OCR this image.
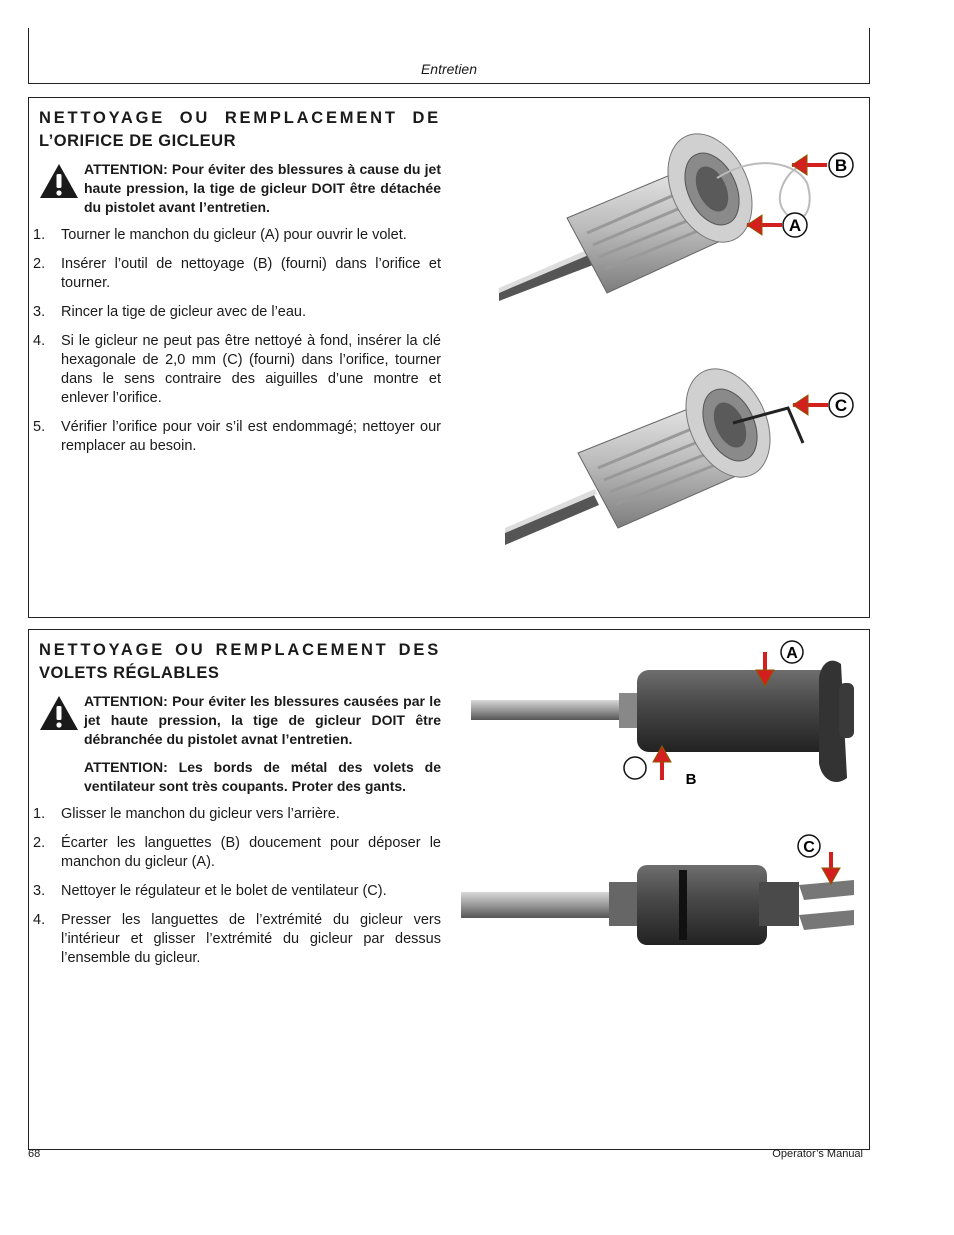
Entretien
NETTOYAGE OU REMPLACEMENT DE
L’ORIFICE DE GICLEUR

ATTENTION: Pour éviter des blessures à cause du jet haute pression, la tige de gicleur DOIT être détachée du pistolet avant l’entretien.

1. Tourner le manchon du gicleur (A) pour ouvrir le volet.
2. Insérer l’outil de nettoyage (B) (fourni) dans l’orifice et tourner.
3. Rincer la tige de gicleur avec de l’eau.
4. Si le gicleur ne peut pas être nettoyé à fond, insérer la clé hexagonale de 2,0 mm (C) (fourni) dans l’orifice, tourner dans le sens contraire des aiguilles d’une montre et enlever l’orifice.
5. Vérifier l’orifice pour voir s’il est endommagé; nettoyer our remplacer au besoin.
B
A
C
NETTOYAGE OU REMPLACEMENT DES
VOLETS RÉGLABLES

ATTENTION: Pour éviter les blessures causées par le jet haute pression, la tige de gicleur DOIT être débranchée du pistolet avnat l’entretien.

ATTENTION: Les bords de métal des volets de ventilateur sont très coupants. Proter des gants.

1. Glisser le manchon du gicleur vers l’arrière.
2. Écarter les languettes (B) doucement pour déposer le manchon du gicleur (A).
3. Nettoyer le régulateur et le bolet de ventilateur (C).
4. Presser les languettes de l’extrémité du gicleur vers l’intérieur et glisser l’extrémité du gicleur par dessus l’ensemble du gicleur.
A
B
C
68	Operator’s Manual
